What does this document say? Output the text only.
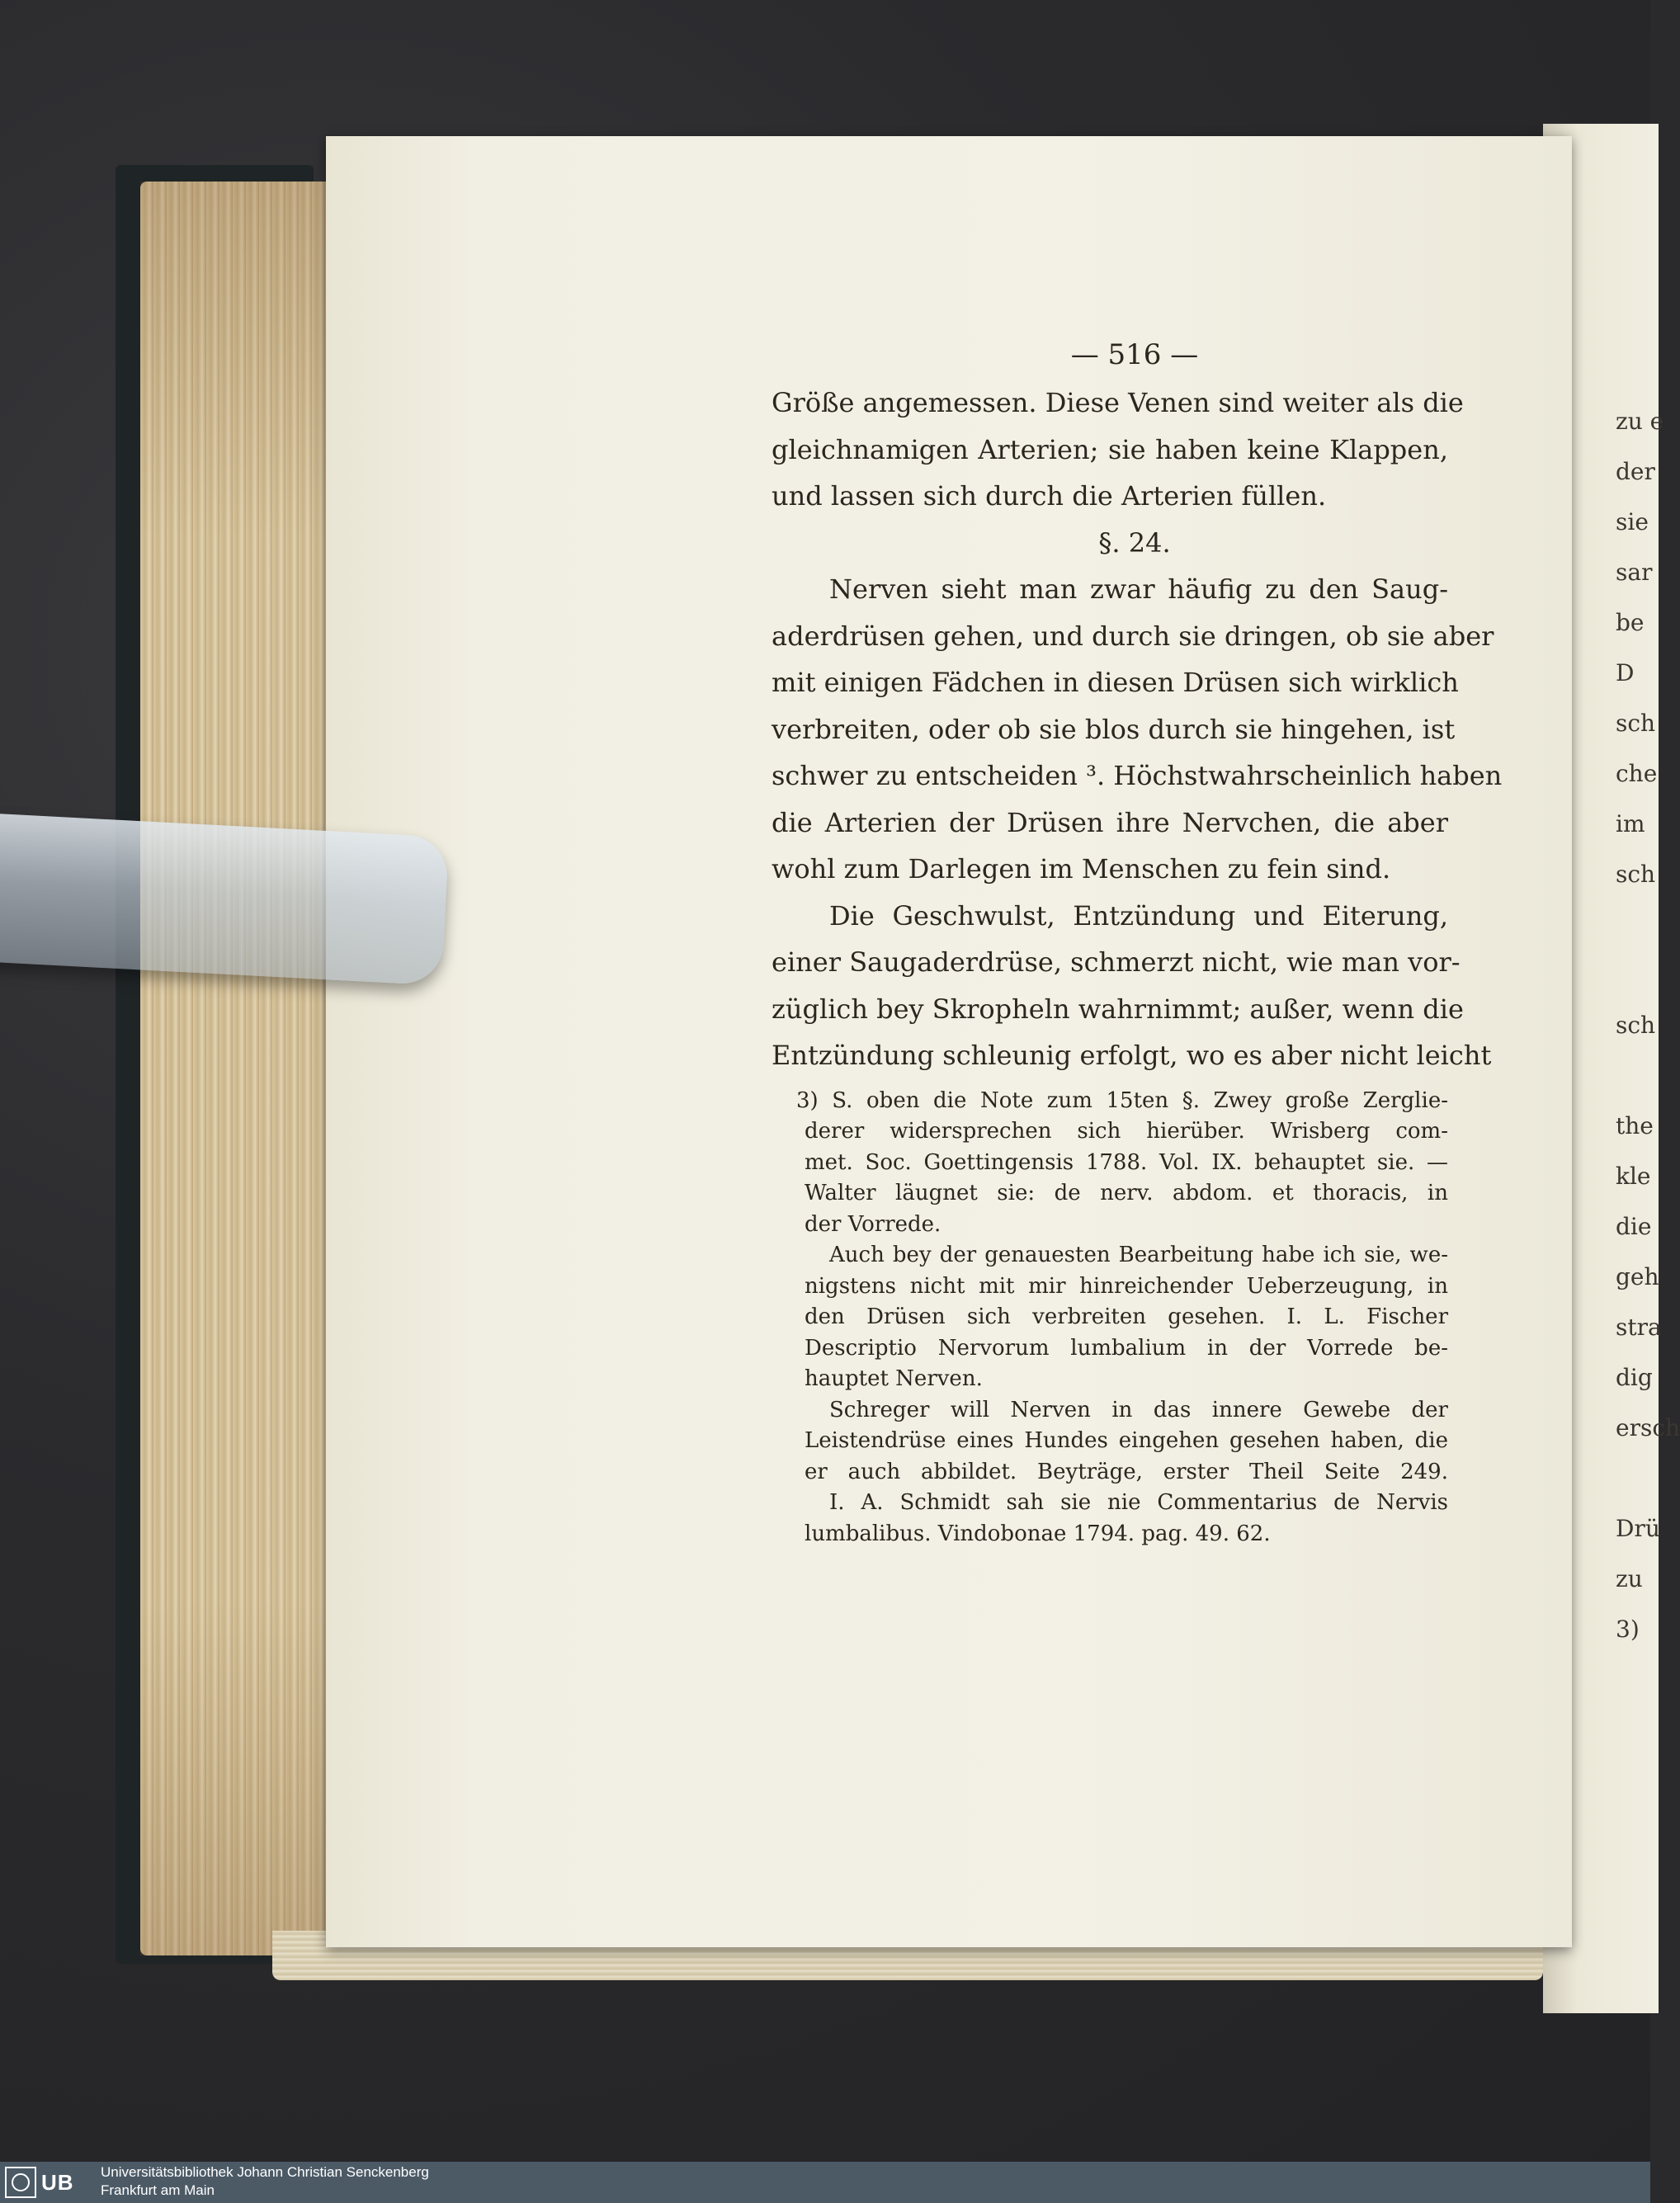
zu e
der
sie
sar
be
D
sch
che
im
sch
sch
the
kle
die
geh
stra
dig
ersch
Drü
zu
3)
— 516 —
Größe angemessen. Diese Venen sind weiter als die
gleichnamigen Arterien; sie haben keine Klappen,
und lassen sich durch die Arterien füllen.
§. 24.
Nerven sieht man zwar häufig zu den Saug-
aderdrüsen gehen, und durch sie dringen, ob sie aber
mit einigen Fädchen in diesen Drüsen sich wirklich
verbreiten, oder ob sie blos durch sie hingehen, ist
schwer zu entscheiden ³. Höchstwahrscheinlich haben
die Arterien der Drüsen ihre Nervchen, die aber
wohl zum Darlegen im Menschen zu fein sind.
Die Geschwulst, Entzündung und Eiterung,
einer Saugaderdrüse, schmerzt nicht, wie man vor-
züglich bey Skropheln wahrnimmt; außer, wenn die
Entzündung schleunig erfolgt, wo es aber nicht leicht
3) S. oben die Note zum 15ten §. Zwey große Zerglie-
derer widersprechen sich hierüber. Wrisberg com-
met. Soc. Goettingensis 1788. Vol. IX. behauptet sie. —
Walter läugnet sie: de nerv. abdom. et thoracis, in
der Vorrede.
Auch bey der genauesten Bearbeitung habe ich sie, we-
nigstens nicht mit mir hinreichender Ueberzeugung, in
den Drüsen sich verbreiten gesehen. I. L. Fischer
Descriptio Nervorum lumbalium in der Vorrede be-
hauptet Nerven.
Schreger will Nerven in das innere Gewebe der
Leistendrüse eines Hundes eingehen gesehen haben, die
er auch abbildet. Beyträge, erster Theil Seite 249.
I. A. Schmidt sah sie nie Commentarius de Nervis
lumbalibus. Vindobonae 1794. pag. 49. 62.
UB Universitätsbibliothek Johann Christian Senckenberg
Frankfurt am Main
